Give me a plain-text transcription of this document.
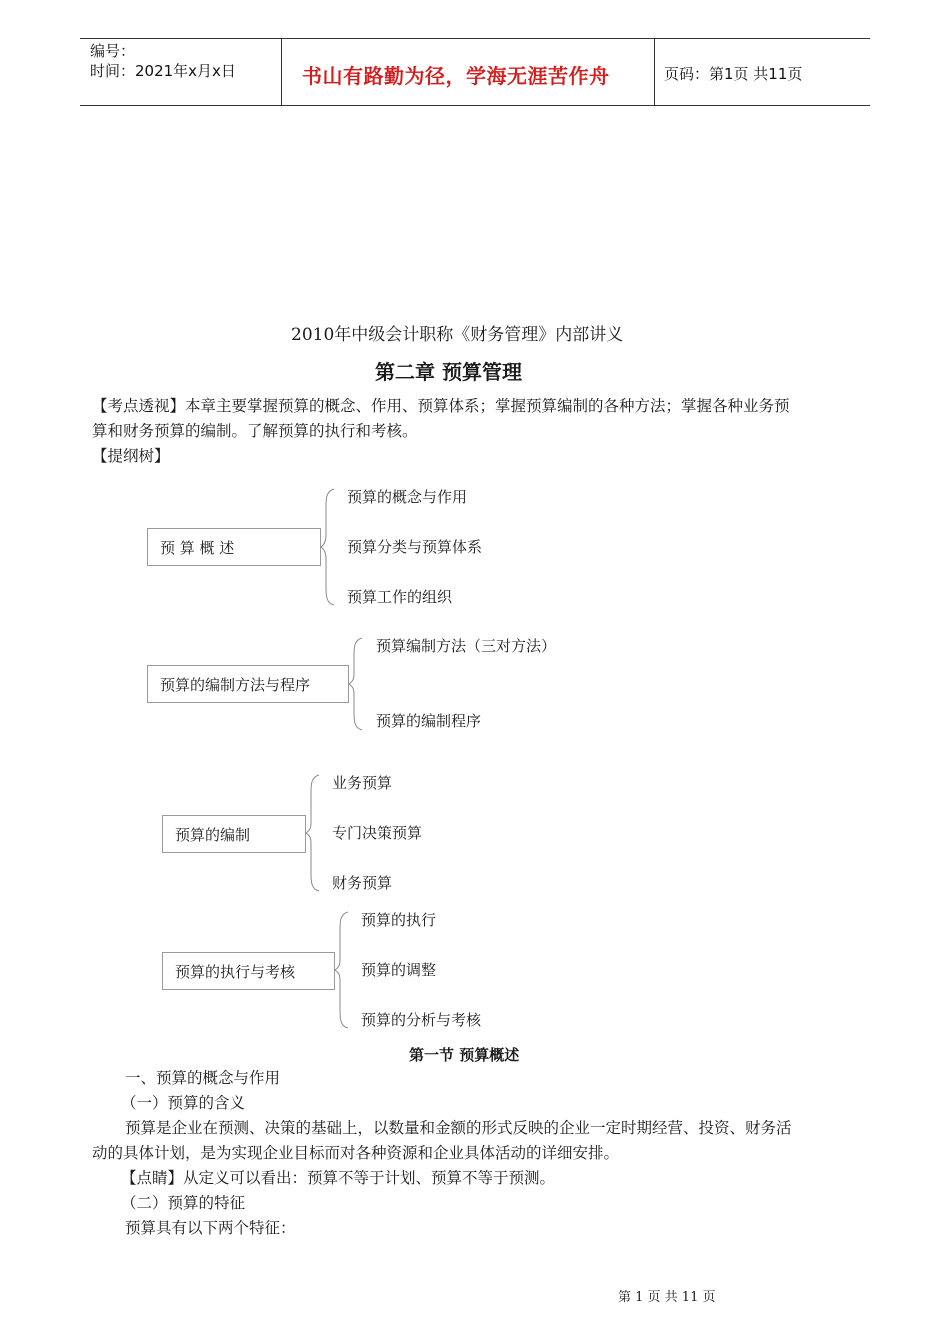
编号：
时间：2021年x月x日	书山有路勤为径，学海无涯苦作舟	页码：第1页 共11页
2010年中级会计职称《财务管理》内部讲义
第二章 预算管理
【考点透视】本章主要掌握预算的概念、作用、预算体系；掌握预算编制的各种方法；掌握各种业务预
算和财务预算的编制。了解预算的执行和考核。
【提纲树】
预 算 概 述
预算的概念与作用
预算分类与预算体系
预算工作的组织
预算的编制方法与程序
预算编制方法（三对方法）
预算的编制程序
预算的编制
业务预算
专门决策预算
财务预算
预算的执行与考核
预算的执行
预算的调整
预算的分析与考核
第一节 预算概述
一、预算的概念与作用
（一）预算的含义
预算是企业在预测、决策的基础上，以数量和金额的形式反映的企业一定时期经营、投资、财务活
动的具体计划，是为实现企业目标而对各种资源和企业具体活动的详细安排。
【点睛】从定义可以看出：预算不等于计划、预算不等于预测。
（二）预算的特征
预算具有以下两个特征：
第 1 页 共 11 页
